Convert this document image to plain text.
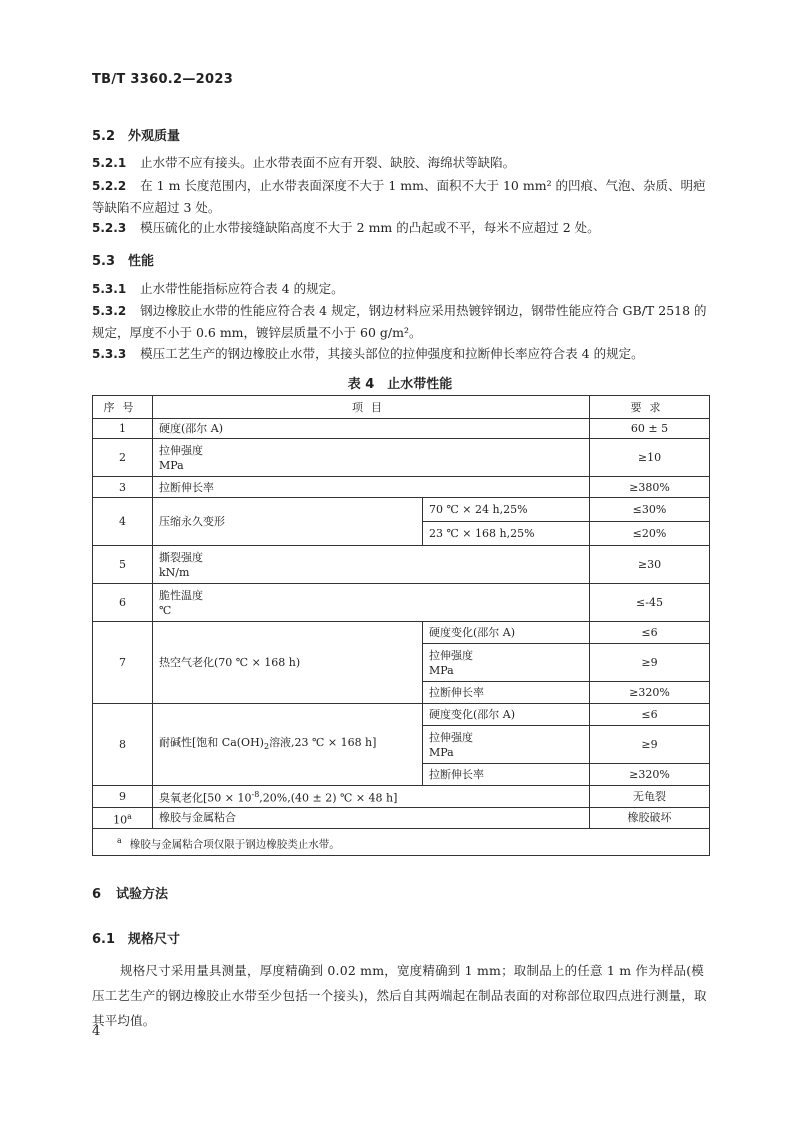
TB/T 3360.2—2023
5.2 外观质量
5.2.1 止水带不应有接头。止水带表面不应有开裂、缺胶、海绵状等缺陷。
5.2.2 在 1 m 长度范围内，止水带表面深度不大于 1 mm、面积不大于 10 mm² 的凹痕、气泡、杂质、明疤等缺陷不应超过 3 处。
5.2.3 模压硫化的止水带接缝缺陷高度不大于 2 mm 的凸起或不平，每米不应超过 2 处。
5.3 性能
5.3.1 止水带性能指标应符合表 4 的规定。
5.3.2 钢边橡胶止水带的性能应符合表 4 规定，钢边材料应采用热镀锌钢边，钢带性能应符合 GB/T 2518 的规定，厚度不小于 0.6 mm，镀锌层质量不小于 60 g/m²。
5.3.3 模压工艺生产的钢边橡胶止水带，其接头部位的拉伸强度和拉断伸长率应符合表 4 的规定。
表 4　止水带性能
序号	项目		要求
1	硬度(邵尔 A)		60 ± 5
2	拉伸强度
MPa		≥10
3	拉断伸长率		≥380%
4	压缩永久变形	70 ℃ × 24 h,25%	≤30%
		23 ℃ × 168 h,25%	≤20%
5	撕裂强度
kN/m		≥30
6	脆性温度
℃		≤-45
7	热空气老化(70 ℃ × 168 h)	硬度变化(邵尔 A)	≤6
		拉伸强度
MPa	≥9
		拉断伸长率	≥320%
8	耐碱性[饱和 $Ca(OH)_2$溶液,23 ℃ × 168 h]	硬度变化(邵尔 A)	≤6
		拉伸强度
MPa	≥9
		拉断伸长率	≥320%
9	臭氧老化[$50 \times 10^{-8},20\%,(40 \pm 2)$ ℃ × 48 h]		无龟裂
10$^a$	橡胶与金属粘合		橡胶破坏
$^a$ 橡胶与金属粘合项仅限于钢边橡胶类止水带。			
6 试验方法
6.1 规格尺寸
规格尺寸采用量具测量，厚度精确到 0.02 mm，宽度精确到 1 mm；取制品上的任意 1 m 作为样品(模压工艺生产的钢边橡胶止水带至少包括一个接头)，然后自其两端起在制品表面的对称部位取四点进行测量，取其平均值。
4
